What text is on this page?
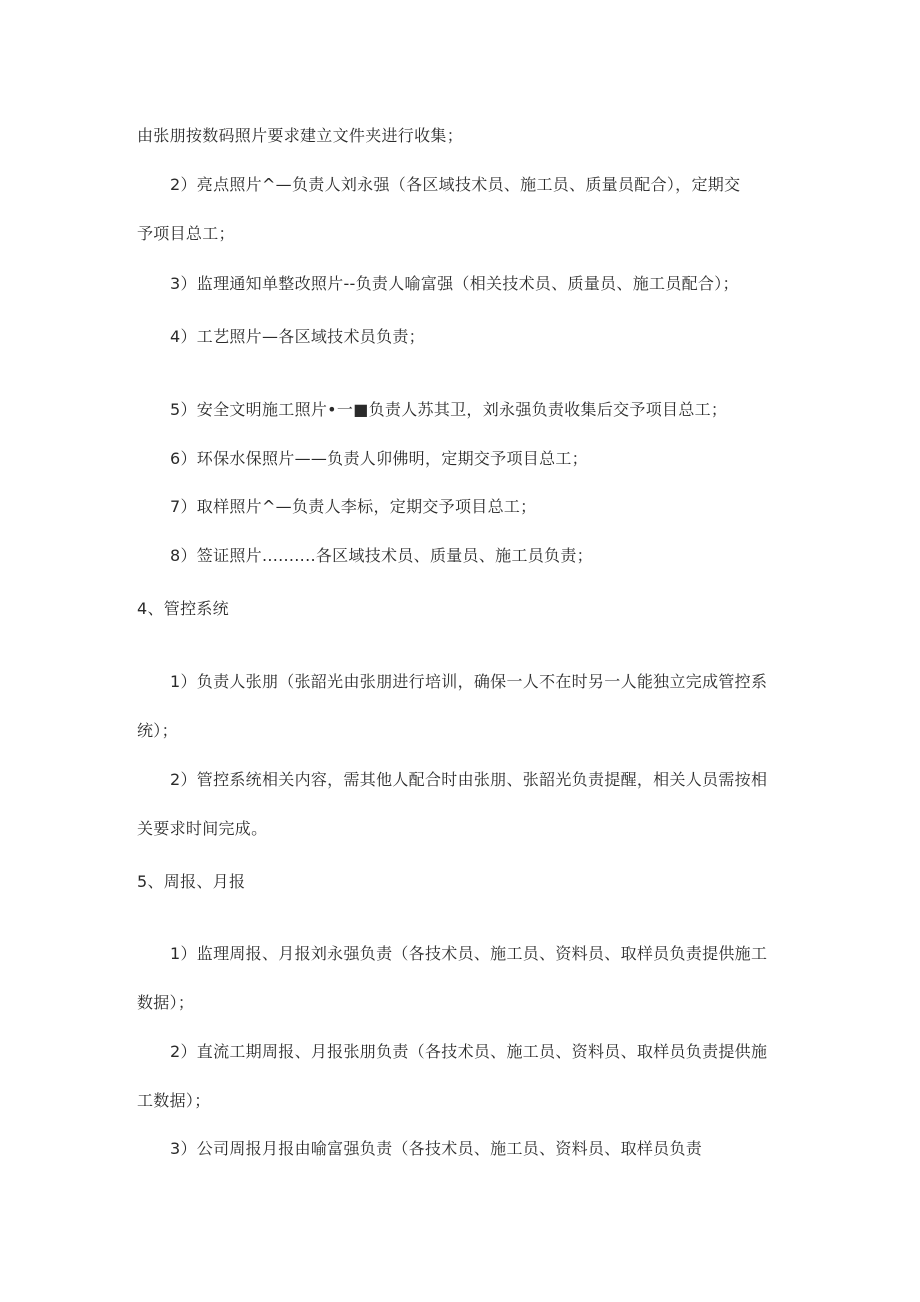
由张朋按数码照片要求建立文件夹进行收集；
2）亮点照片^—负责人刘永强（各区域技术员、施工员、质量员配合），定期交
予项目总工；
3）监理通知单整改照片--负责人喻富强（相关技术员、质量员、施工员配合）；
4）工艺照片—各区域技术员负责；
5）安全文明施工照片•一■负责人苏其卫，刘永强负责收集后交予项目总工；
6）环保水保照片——负责人卯佛明，定期交予项目总工；
7）取样照片^—负责人李标，定期交予项目总工；
8）签证照片..........各区域技术员、质量员、施工员负责；
4、管控系统
1）负责人张朋（张韶光由张朋进行培训，确保一人不在时另一人能独立完成管控系
统）；
2）管控系统相关内容，需其他人配合时由张朋、张韶光负责提醒，相关人员需按相
关要求时间完成。
5、周报、月报
1）监理周报、月报刘永强负责（各技术员、施工员、资料员、取样员负责提供施工
数据）；
2）直流工期周报、月报张朋负责（各技术员、施工员、资料员、取样员负责提供施
工数据）；
3）公司周报月报由喻富强负责（各技术员、施工员、资料员、取样员负责
